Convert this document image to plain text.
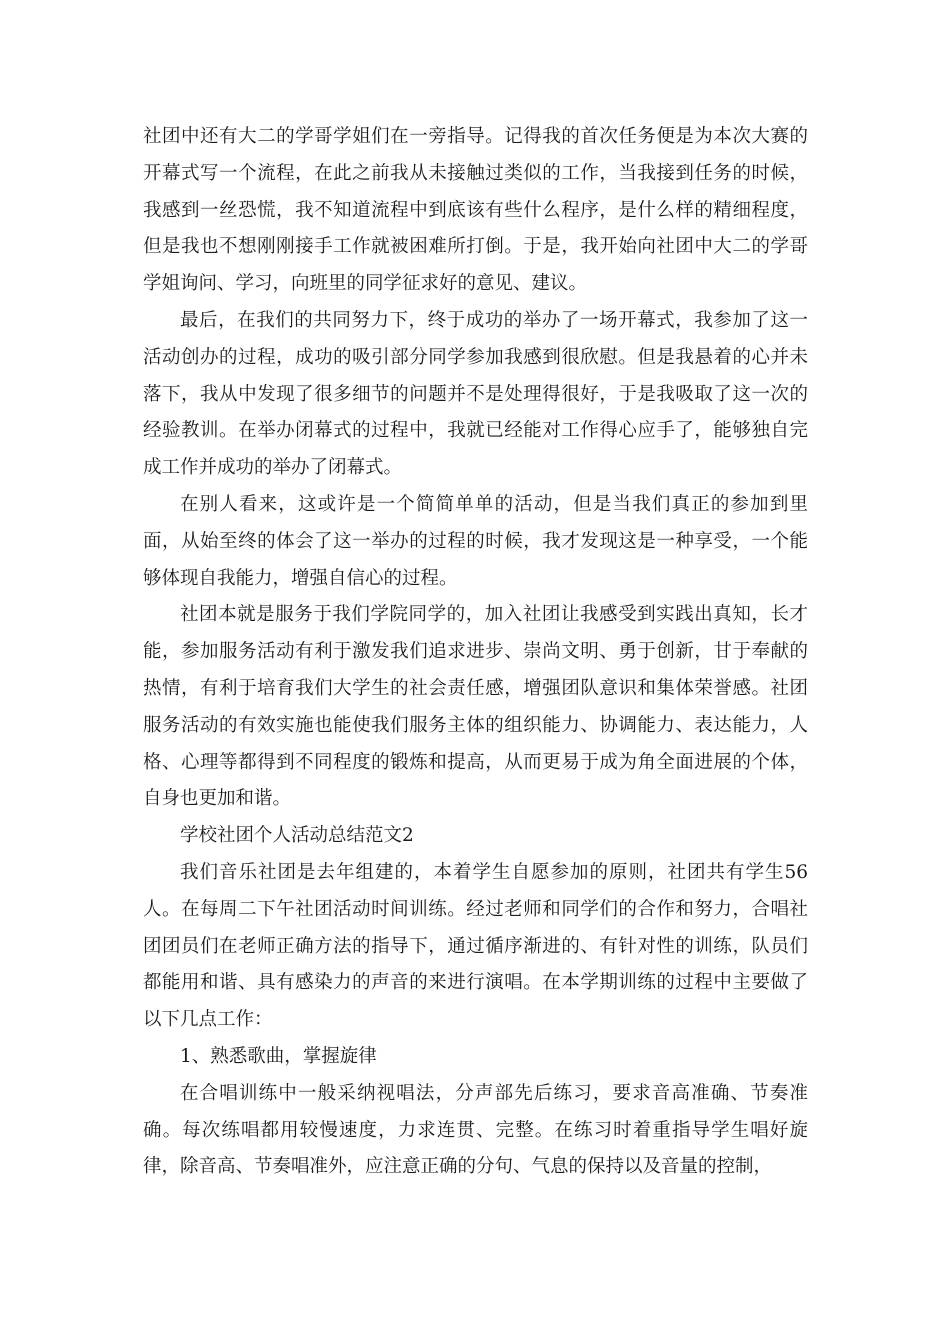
社团中还有大二的学哥学姐们在一旁指导。记得我的首次任务便是为本次大赛的开幕式写一个流程，在此之前我从未接触过类似的工作，当我接到任务的时候，我感到一丝恐慌，我不知道流程中到底该有些什么程序，是什么样的精细程度，但是我也不想刚刚接手工作就被困难所打倒。于是，我开始向社团中大二的学哥学姐询问、学习，向班里的同学征求好的意见、建议。

最后，在我们的共同努力下，终于成功的举办了一场开幕式，我参加了这一活动创办的过程，成功的吸引部分同学参加我感到很欣慰。但是我悬着的心并未落下，我从中发现了很多细节的问题并不是处理得很好，于是我吸取了这一次的经验教训。在举办闭幕式的过程中，我就已经能对工作得心应手了，能够独自完成工作并成功的举办了闭幕式。

在别人看来，这或许是一个简简单单的活动，但是当我们真正的参加到里面，从始至终的体会了这一举办的过程的时候，我才发现这是一种享受，一个能够体现自我能力，增强自信心的过程。

社团本就是服务于我们学院同学的，加入社团让我感受到实践出真知，长才能，参加服务活动有利于激发我们追求进步、崇尚文明、勇于创新，甘于奉献的热情，有利于培育我们大学生的社会责任感，增强团队意识和集体荣誉感。社团服务活动的有效实施也能使我们服务主体的组织能力、协调能力、表达能力，人格、心理等都得到不同程度的锻炼和提高，从而更易于成为角全面进展的个体，自身也更加和谐。

学校社团个人活动总结范文2

我们音乐社团是去年组建的，本着学生自愿参加的原则，社团共有学生56人。在每周二下午社团活动时间训练。经过老师和同学们的合作和努力，合唱社团团员们在老师正确方法的指导下，通过循序渐进的、有针对性的训练，队员们都能用和谐、具有感染力的声音的来进行演唱。在本学期训练的过程中主要做了以下几点工作：

1、熟悉歌曲，掌握旋律

在合唱训练中一般采纳视唱法，分声部先后练习，要求音高准确、节奏准确。每次练唱都用较慢速度，力求连贯、完整。在练习时着重指导学生唱好旋律，除音高、节奏唱准外，应注意正确的分句、气息的保持以及音量的控制，
